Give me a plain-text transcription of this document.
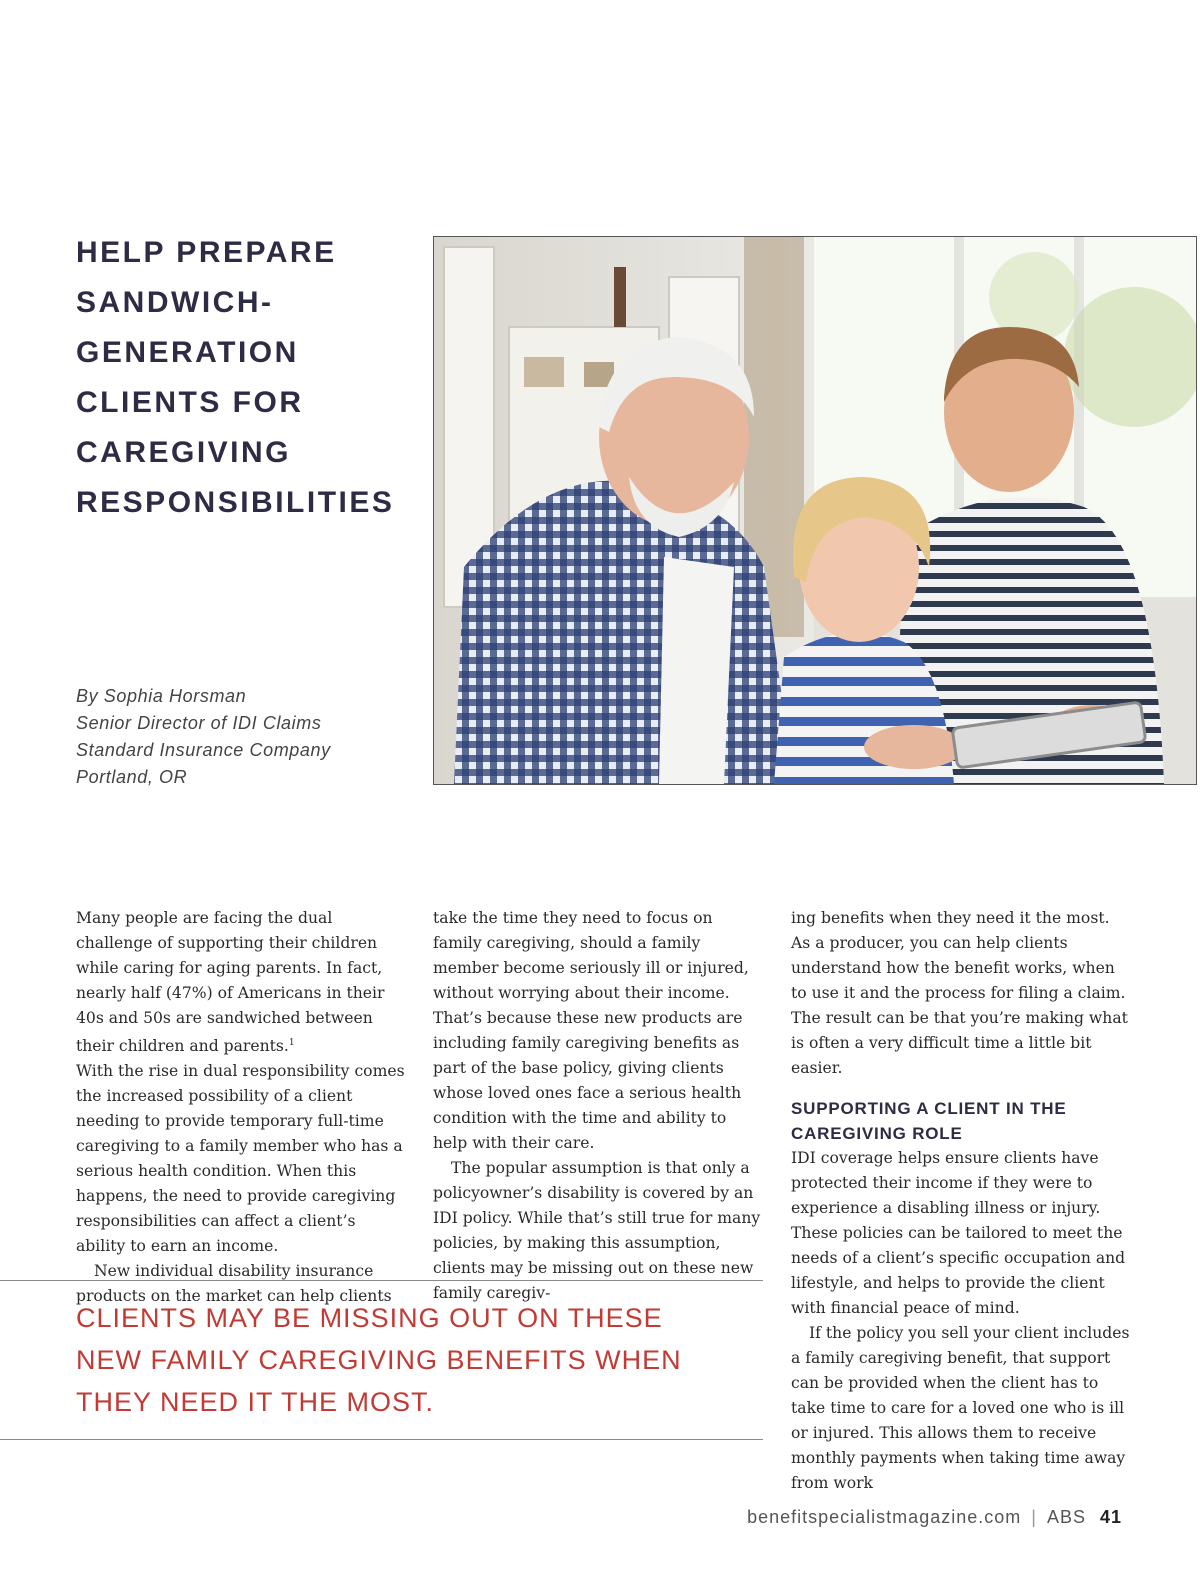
HELP PREPARE
SANDWICH-
GENERATION
CLIENTS FOR
CAREGIVING
RESPONSIBILITIES
By Sophia Horsman
Senior Director of IDI Claims
Standard Insurance Company
Portland, OR

Many people are facing the dual challenge of supporting their children while caring for aging parents. In fact, nearly half (47%) of Americans in their 40s and 50s are sandwiched between their children and parents.$^1$

With the rise in dual responsibility comes the increased possibility of a client needing to provide temporary full-time caregiving to a family member who has a serious health condition. When this happens, the need to provide caregiving responsibilities can affect a client’s ability to earn an income.

New individual disability insurance products on the market can help clients

take the time they need to focus on family caregiving, should a family member become seriously ill or injured, without worrying about their income. That’s because these new products are including family caregiving benefits as part of the base policy, giving clients whose loved ones face a serious health condition with the time and ability to help with their care.

The popular assumption is that only a policyowner’s disability is covered by an IDI policy. While that’s still true for many policies, by making this assumption, clients may be missing out on these new family caregiv-

ing benefits when they need it the most. As a producer, you can help clients understand how the benefit works, when to use it and the process for filing a claim. The result can be that you’re making what is often a very difficult time a little bit easier.

SUPPORTING A CLIENT IN THE CAREGIVING ROLE

IDI coverage helps ensure clients have protected their income if they were to experience a disabling illness or injury. These policies can be tailored to meet the needs of a client’s specific occupation and lifestyle, and helps to provide the client with financial peace of mind.

If the policy you sell your client includes a family caregiving benefit, that support can be provided when the client has to take time to care for a loved one who is ill or injured. This allows them to receive monthly payments when taking time away from work

CLIENTS MAY BE MISSING OUT ON THESE
NEW FAMILY CAREGIVING BENEFITS WHEN
THEY NEED IT THE MOST.

benefitspecialistmagazine.com | ABS 41
